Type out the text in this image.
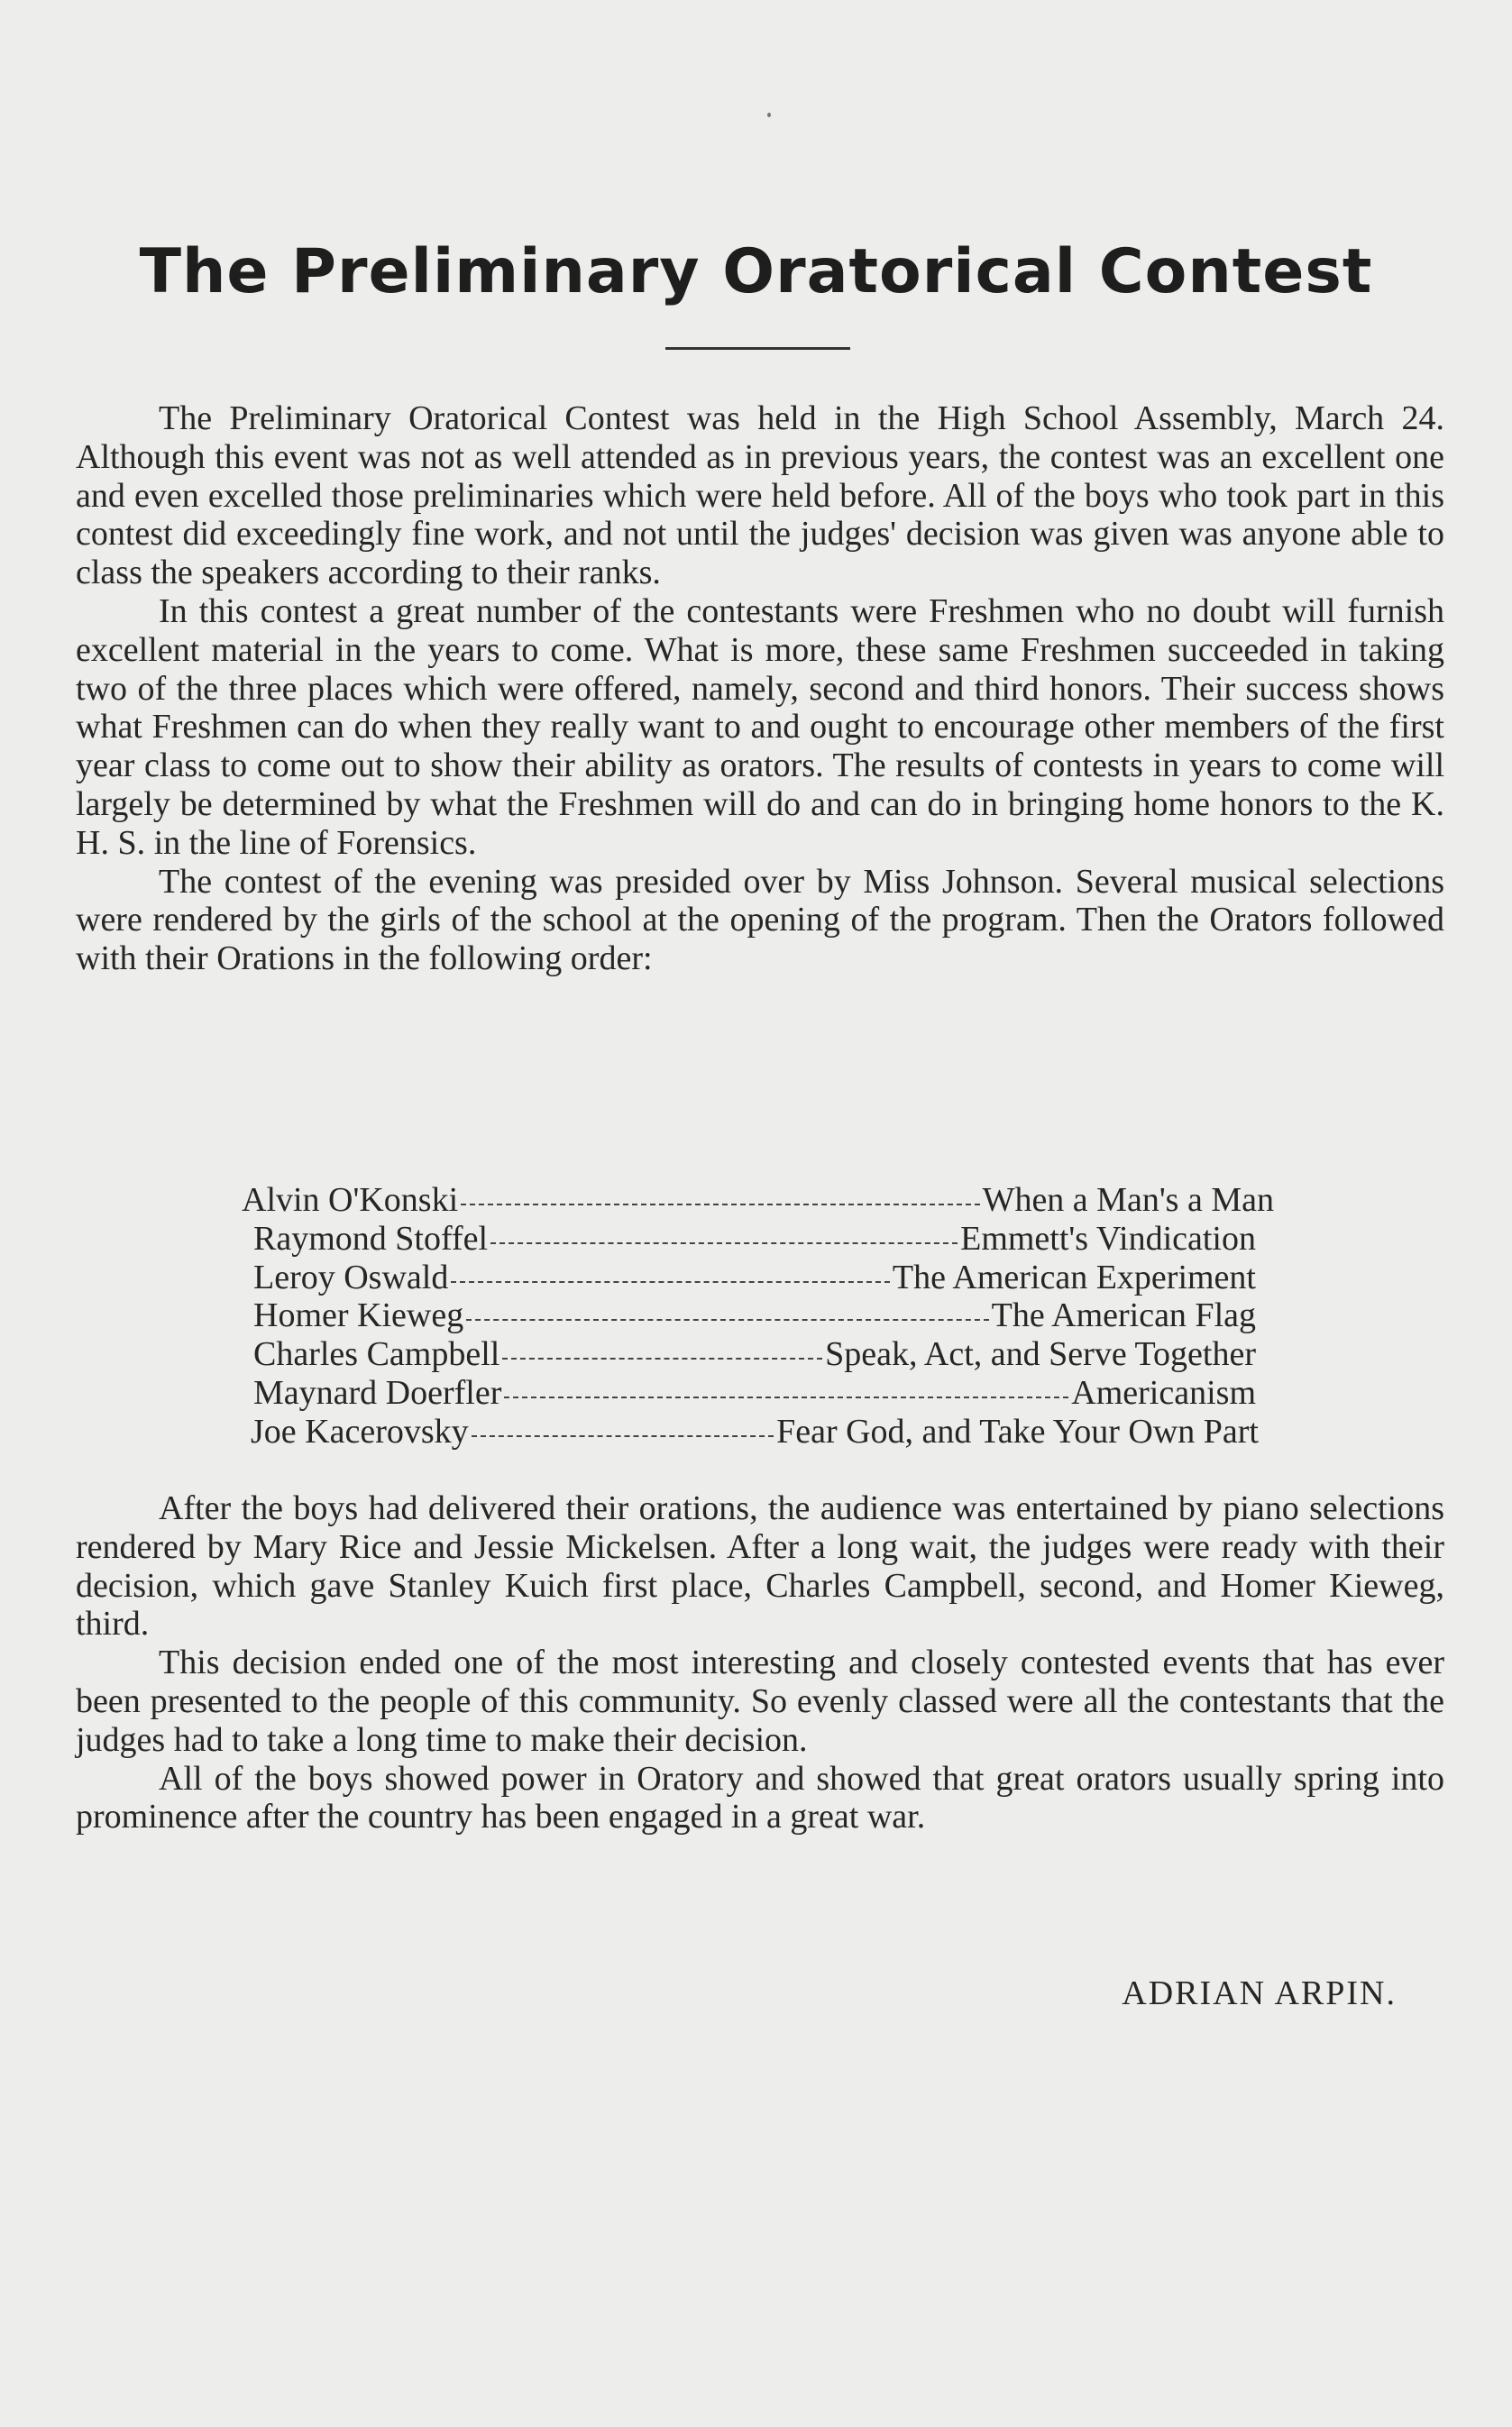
The Preliminary Oratorical Contest

The Preliminary Oratorical Contest was held in the High School Assembly, March 24. Although this event was not as well attended as in previous years, the contest was an excellent one and even excelled those preliminaries which were held before. All of the boys who took part in this contest did exceedingly fine work, and not until the judges' decision was given was anyone able to class the speakers according to their ranks.

In this contest a great number of the contestants were Freshmen who no doubt will furnish excellent material in the years to come. What is more, these same Freshmen succeeded in taking two of the three places which were offered, namely, second and third honors. Their success shows what Freshmen can do when they really want to and ought to encourage other members of the first year class to come out to show their ability as orators. The results of contests in years to come will largely be determined by what the Freshmen will do and can do in bringing home honors to the K. H. S. in the line of Forensics.

The contest of the evening was presided over by Miss Johnson. Several musical selections were rendered by the girls of the school at the opening of the program. Then the Orators followed with their Orations in the following order:

Alvin O'Konski	When a Man's a Man
Raymond Stoffel	Emmett's Vindication
Leroy Oswald	The American Experiment
Homer Kieweg	The American Flag
Charles Campbell	Speak, Act, and Serve Together
Maynard Doerfler	Americanism
Joe Kacerovsky	Fear God, and Take Your Own Part

After the boys had delivered their orations, the audience was entertained by piano selections rendered by Mary Rice and Jessie Mickelsen. After a long wait, the judges were ready with their decision, which gave Stanley Kuich first place, Charles Campbell, second, and Homer Kieweg, third.

This decision ended one of the most interesting and closely contested events that has ever been presented to the people of this community. So evenly classed were all the contestants that the judges had to take a long time to make their decision.

All of the boys showed power in Oratory and showed that great orators usually spring into prominence after the country has been engaged in a great war.

ADRIAN ARPIN.
